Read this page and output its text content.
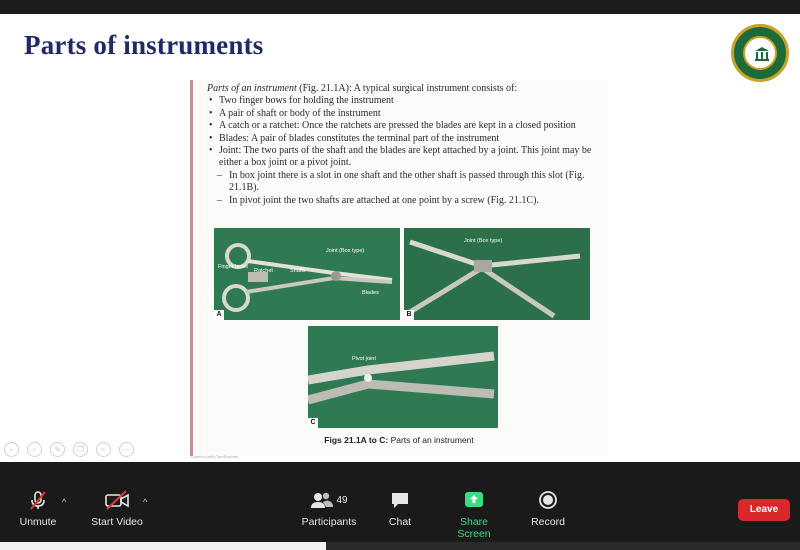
Parts of instruments
Parts of an instrument (Fig. 21.1A): A typical surgical instrument consists of:
• Two finger bows for holding the instrument
• A pair of shaft or body of the instrument
• A catch or a ratchet: Once the ratchets are pressed the blades are kept in a closed position
• Blades: A pair of blades constitutes the terminal part of the instrument
• Joint: The two parts of the shaft and the blades are kept attached by a joint. This joint may be either a box joint or a pivot joint.
– In box joint there is a slot in one shaft and the other shaft is passed through this slot (Fig. 21.1B).
– In pivot joint the two shafts are attached at one point by a screw (Fig. 21.1C).
Finger bows
Ratchet	Shafts
Joint (Box type)
Blades
A
Joint (Box type)
B
Pivot joint
C
Figs 21.1A to C: Parts of an instrument
‹	›	✎	❐	⌕	⋯
Scanned with CamScanner
Unmute
^
Start Video
^	49
Participants	Chat	Share Screen
Record
Leave
